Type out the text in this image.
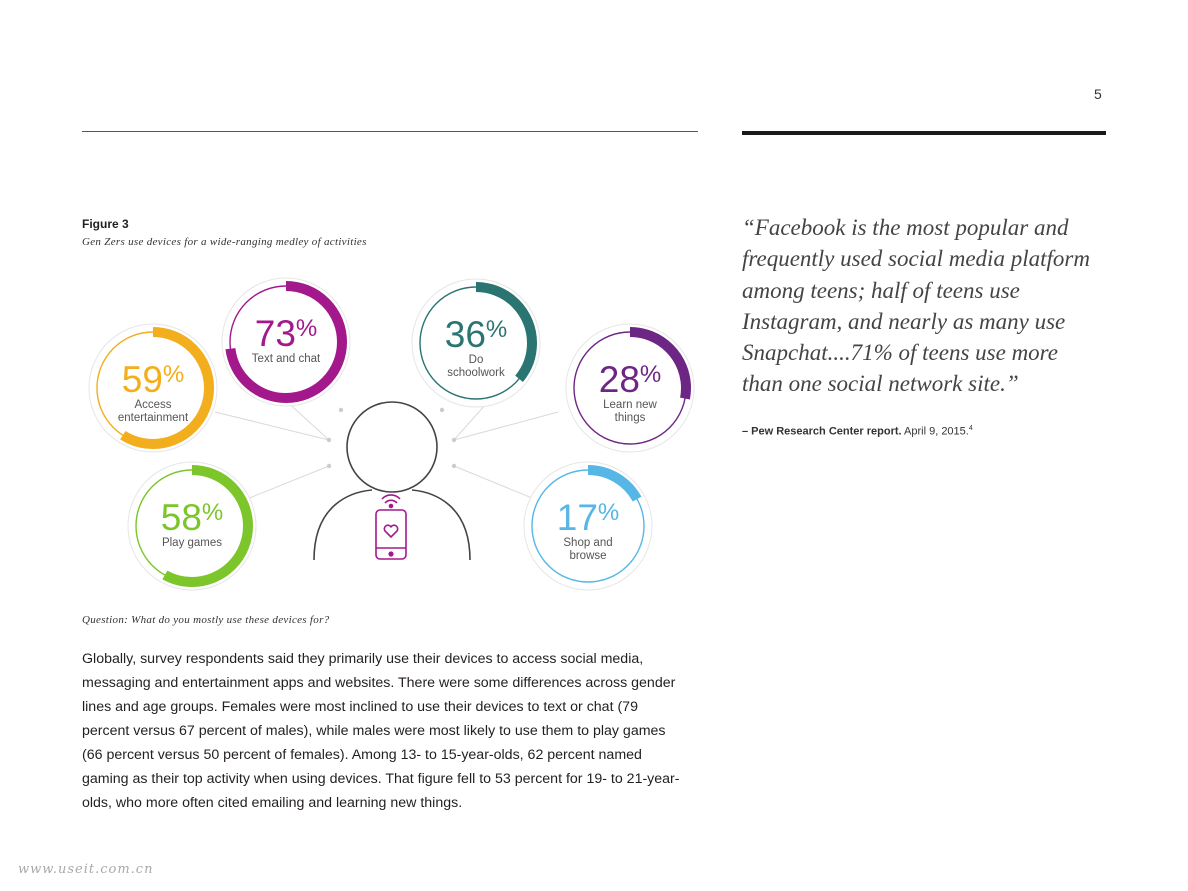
5
Figure 3
Gen Zers use devices for a wide-ranging medley of activities
59%
Access
entertainment
73%
Text and chat
36%
Do
schoolwork	28%
Learn new
things
58%
Play games
17%
Shop and
browse
Question: What do you mostly use these devices for?

Globally, survey respondents said they primarily use their devices to access social media, messaging and entertainment apps and websites. There were some differences across gender lines and age groups. Females were most inclined to use their devices to text or chat (79 percent versus 67 percent of males), while males were most likely to use them to play games (66 percent versus 50 percent of females). Among 13- to 15-year-olds, 62 percent named gaming as their top activity when using devices. That figure fell to 53 percent for 19- to 21-year-olds, who more often cited emailing and learning new things.

“Facebook is the most popular and frequently used social media platform among teens; half of teens use Instagram, and nearly as many use Snapchat....71% of teens use more than one social network site.”

– Pew Research Center report. April 9, 2015.$^4$
www.useit.com.cn
